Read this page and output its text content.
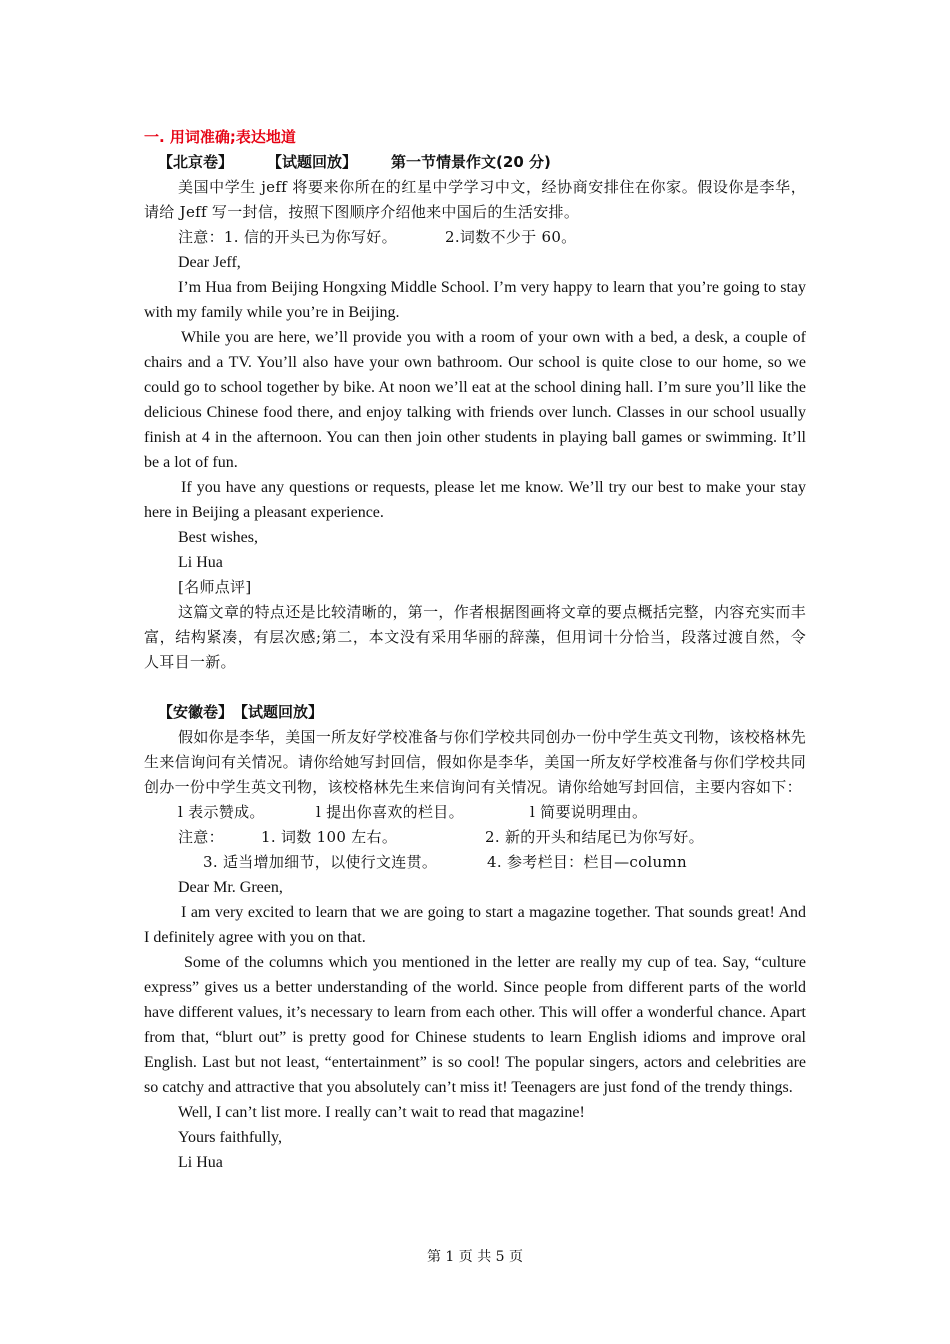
一. 用词准确;表达地道
【北京卷】 【试题回放】 第一节情景作文(20 分)

美国中学生 jeff 将要来你所在的红星中学学习中文，经协商安排住在你家。假设你是李华，请给 Jeff 写一封信，按照下图顺序介绍他来中国后的生活安排。

注意：1. 信的开头已为你写好。

	2.词数不少于 60。

Dear Jeff,

I’m Hua from Beijing Hongxing Middle School. I’m very happy to learn that you’re going to stay with my family while you’re in Beijing.

While you are here, we’ll provide you with a room of your own with a bed, a desk, a couple of chairs and a TV. You’ll also have your own bathroom. Our school is quite close to our home, so we could go to school together by bike. At noon we’ll eat at the school dining hall. I’m sure you’ll like the delicious Chinese food there, and enjoy talking with friends over lunch. Classes in our school usually finish at 4 in the afternoon. You can then join other students in playing ball games or swimming. It’ll be a lot of fun.

If you have any questions or requests, please let me know. We’ll try our best to make your stay here in Beijing a pleasant experience.

Best wishes,
Li Hua
[名师点评]

这篇文章的特点还是比较清晰的，第一，作者根据图画将文章的要点概括完整，内容充实而丰富，结构紧凑，有层次感;第二，本文没有采用华丽的辞藻，但用词十分恰当，段落过渡自然，令人耳目一新。

【安徽卷】【试题回放】

假如你是李华，美国一所友好学校准备与你们学校共同创办一份中学生英文刊物，该校格林先生来信询问有关情况。请你给她写封回信，假如你是李华，美国一所友好学校准备与你们学校共同创办一份中学生英文刊物，该校格林先生来信询问有关情况。请你给她写封回信，主要内容如下：

l 表示赞成。

	l 提出你喜欢的栏目。

	l 简要说明理由。

注意：

1. 词数 100 左右。

	2. 新的开头和结尾已为你写好。

3. 适当增加细节，以使行文连贯。

	4. 参考栏目：栏目—column

Dear Mr. Green,

I am very excited to learn that we are going to start a magazine together. That sounds great! And I definitely agree with you on that.

Some of the columns which you mentioned in the letter are really my cup of tea. Say, “culture express” gives us a better understanding of the world. Since people from different parts of the world have different values, it’s necessary to learn from each other. This will offer a wonderful chance. Apart from that, “blurt out” is pretty good for Chinese students to learn English idioms and improve oral English. Last but not least, “entertainment” is so cool! The popular singers, actors and celebrities are so catchy and attractive that you absolutely can’t miss it! Teenagers are just fond of the trendy things.

Well, I can’t list more. I really can’t wait to read that magazine!
Yours faithfully,
Li Hua
第 1 页 共 5 页
